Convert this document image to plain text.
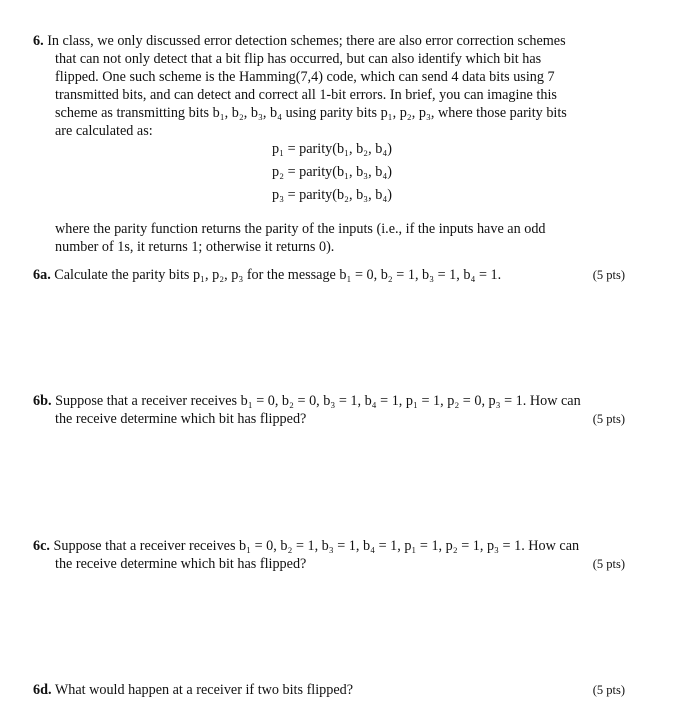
6. In class, we only discussed error detection schemes; there are also error correction schemes
that can not only detect that a bit flip has occurred, but can also identify which bit has
flipped. One such scheme is the Hamming(7,4) code, which can send 4 data bits using 7
transmitted bits, and can detect and correct all 1-bit errors. In brief, you can imagine this
scheme as transmitting bits b₁, b₂, b₃, b₄ using parity bits p₁, p₂, p₃, where those parity bits
are calculated as:
p₁ = parity(b₁, b₂, b₄)
p₂ = parity(b₁, b₃, b₄)
p₃ = parity(b₂, b₃, b₄)
where the parity function returns the parity of the inputs (i.e., if the inputs have an odd
number of 1s, it returns 1; otherwise it returns 0).
6a. Calculate the parity bits p₁, p₂, p₃ for the message b₁ = 0, b₂ = 1, b₃ = 1, b₄ = 1.	(5 pts)
6b. Suppose that a receiver receives b₁ = 0, b₂ = 0, b₃ = 1, b₄ = 1, p₁ = 1, p₂ = 0, p₃ = 1. How can
the receive determine which bit has flipped?	(5 pts)
6c. Suppose that a receiver receives b₁ = 0, b₂ = 1, b₃ = 1, b₄ = 1, p₁ = 1, p₂ = 1, p₃ = 1. How can
the receive determine which bit has flipped?	(5 pts)
6d. What would happen at a receiver if two bits flipped?	(5 pts)
